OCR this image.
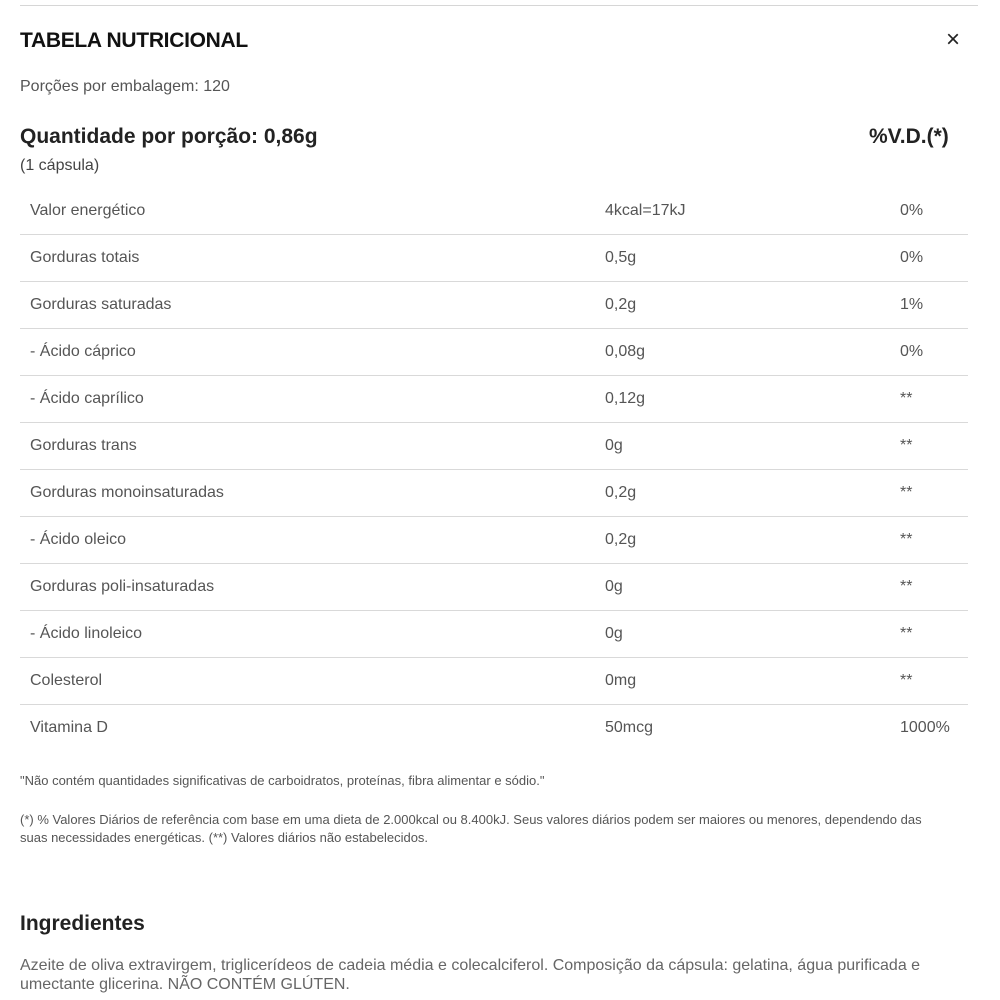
TABELA NUTRICIONAL	×
Porções por embalagem: 120
Quantidade por porção: 0,86g	%V.D.(*)
(1 cápsula)
Valor energético	4kcal=17kJ	0%
Gorduras totais	0,5g	0%
Gorduras saturadas	0,2g	1%
- Ácido cáprico	0,08g	0%
- Ácido caprílico	0,12g	**
Gorduras trans	0g	**
Gorduras monoinsaturadas	0,2g	**
- Ácido oleico	0,2g	**
Gorduras poli-insaturadas	0g	**
- Ácido linoleico	0g	**
Colesterol	0mg	**
Vitamina D	50mcg	1000%
"Não contém quantidades significativas de carboidratos, proteínas, fibra alimentar e sódio."
(*) % Valores Diários de referência com base em uma dieta de 2.000kcal ou 8.400kJ. Seus valores diários podem ser maiores ou menores, dependendo das suas necessidades energéticas. (**) Valores diários não estabelecidos.
Ingredientes
Azeite de oliva extravirgem, triglicerídeos de cadeia média e colecalciferol. Composição da cápsula: gelatina, água purificada e umectante glicerina. NÃO CONTÉM GLÚTEN.
